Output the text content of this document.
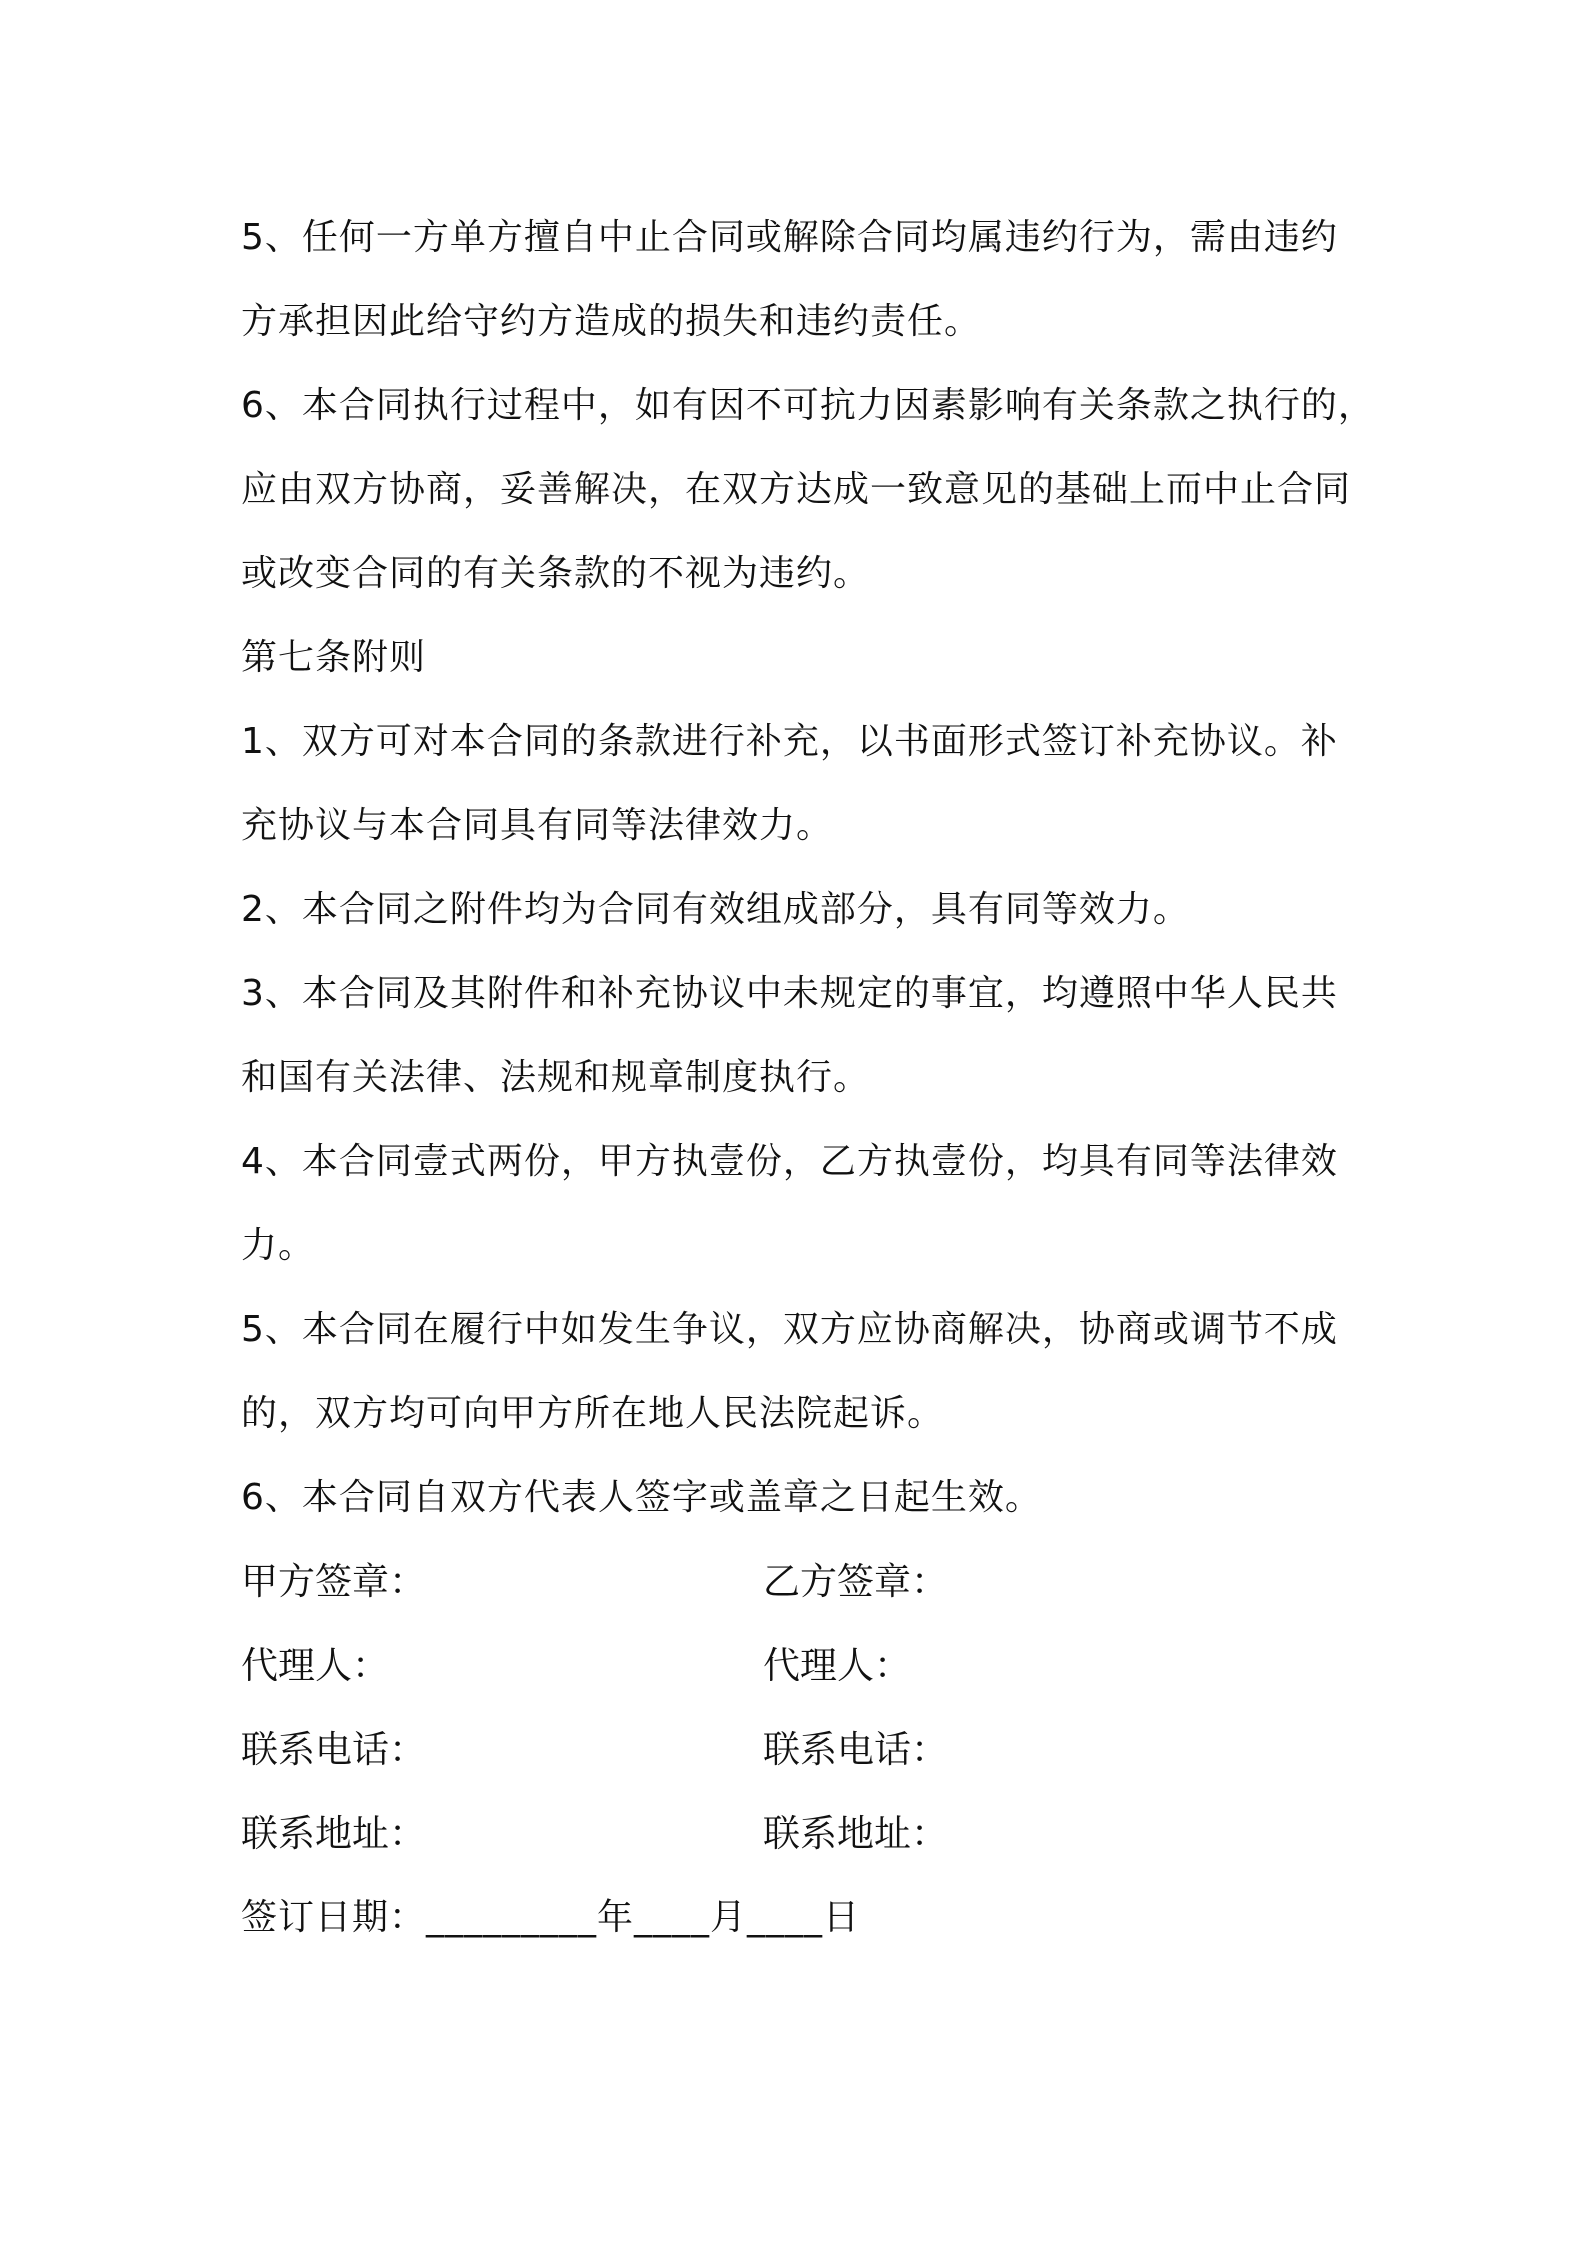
5、任何一方单方擅自中止合同或解除合同均属违约行为，需由违约
方承担因此给守约方造成的损失和违约责任。
6、本合同执行过程中，如有因不可抗力因素影响有关条款之执行的，
应由双方协商，妥善解决，在双方达成一致意见的基础上而中止合同
或改变合同的有关条款的不视为违约。
第七条附则
1、双方可对本合同的条款进行补充，以书面形式签订补充协议。补
充协议与本合同具有同等法律效力。
2、本合同之附件均为合同有效组成部分，具有同等效力。
3、本合同及其附件和补充协议中未规定的事宜，均遵照中华人民共
和国有关法律、法规和规章制度执行。
4、本合同壹式两份，甲方执壹份，乙方执壹份，均具有同等法律效
力。
5、本合同在履行中如发生争议，双方应协商解决，协商或调节不成
的，双方均可向甲方所在地人民法院起诉。
6、本合同自双方代表人签字或盖章之日起生效。
甲方签章：	乙方签章：
代理人：	代理人：
联系电话：	联系电话：
联系地址：	联系地址：
签订日期：_________年____月____日
